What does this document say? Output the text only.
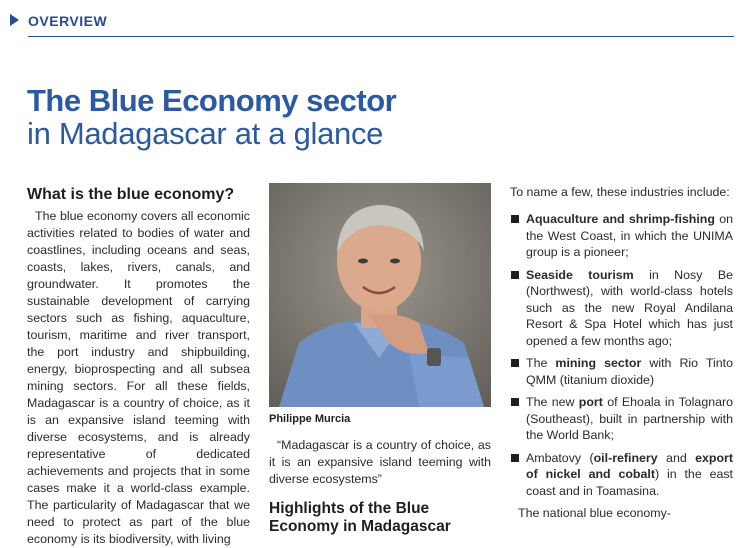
OVERVIEW
The Blue Economy sector
in Madagascar at a glance
What is the blue economy?

The blue economy covers all economic activities related to bodies of water and coastlines, including oceans and seas, coasts, lakes, rivers, canals, and groundwater. It promotes the sustainable development of carrying sectors such as fishing, aquaculture, tourism, maritime and river transport, the port industry and shipbuilding, energy, bioprospecting and all subsea mining sectors. For all these fields, Madagascar is a country of choice, as it is an expansive island teeming with diverse ecosystems, and is already representative of dedicated achievements and projects that in some cases make it a world-class example. The particularity of Madagascar that we need to protect as part of the blue economy is its biodiversity, with living

Philippe Murcia

“Madagascar is a country of choice, as it is an expansive island teeming with diverse ecosystems”

Highlights of the Blue Economy in Madagascar

To name a few, these industries include:

Aquaculture and shrimp-fishing on the West Coast, in which the UNIMA group is a pioneer;
Seaside tourism in Nosy Be (Northwest), with world-class hotels such as the new Royal Andilana Resort & Spa Hotel which has just opened a few months ago;
The mining sector with Rio Tinto QMM (titanium dioxide)
The new port of Ehoala in Tolagnaro (Southeast), built in partnership with the World Bank;
Ambatovy (oil-refinery and export of nickel and cobalt) in the east coast and in Toamasina.

The national blue economy-
